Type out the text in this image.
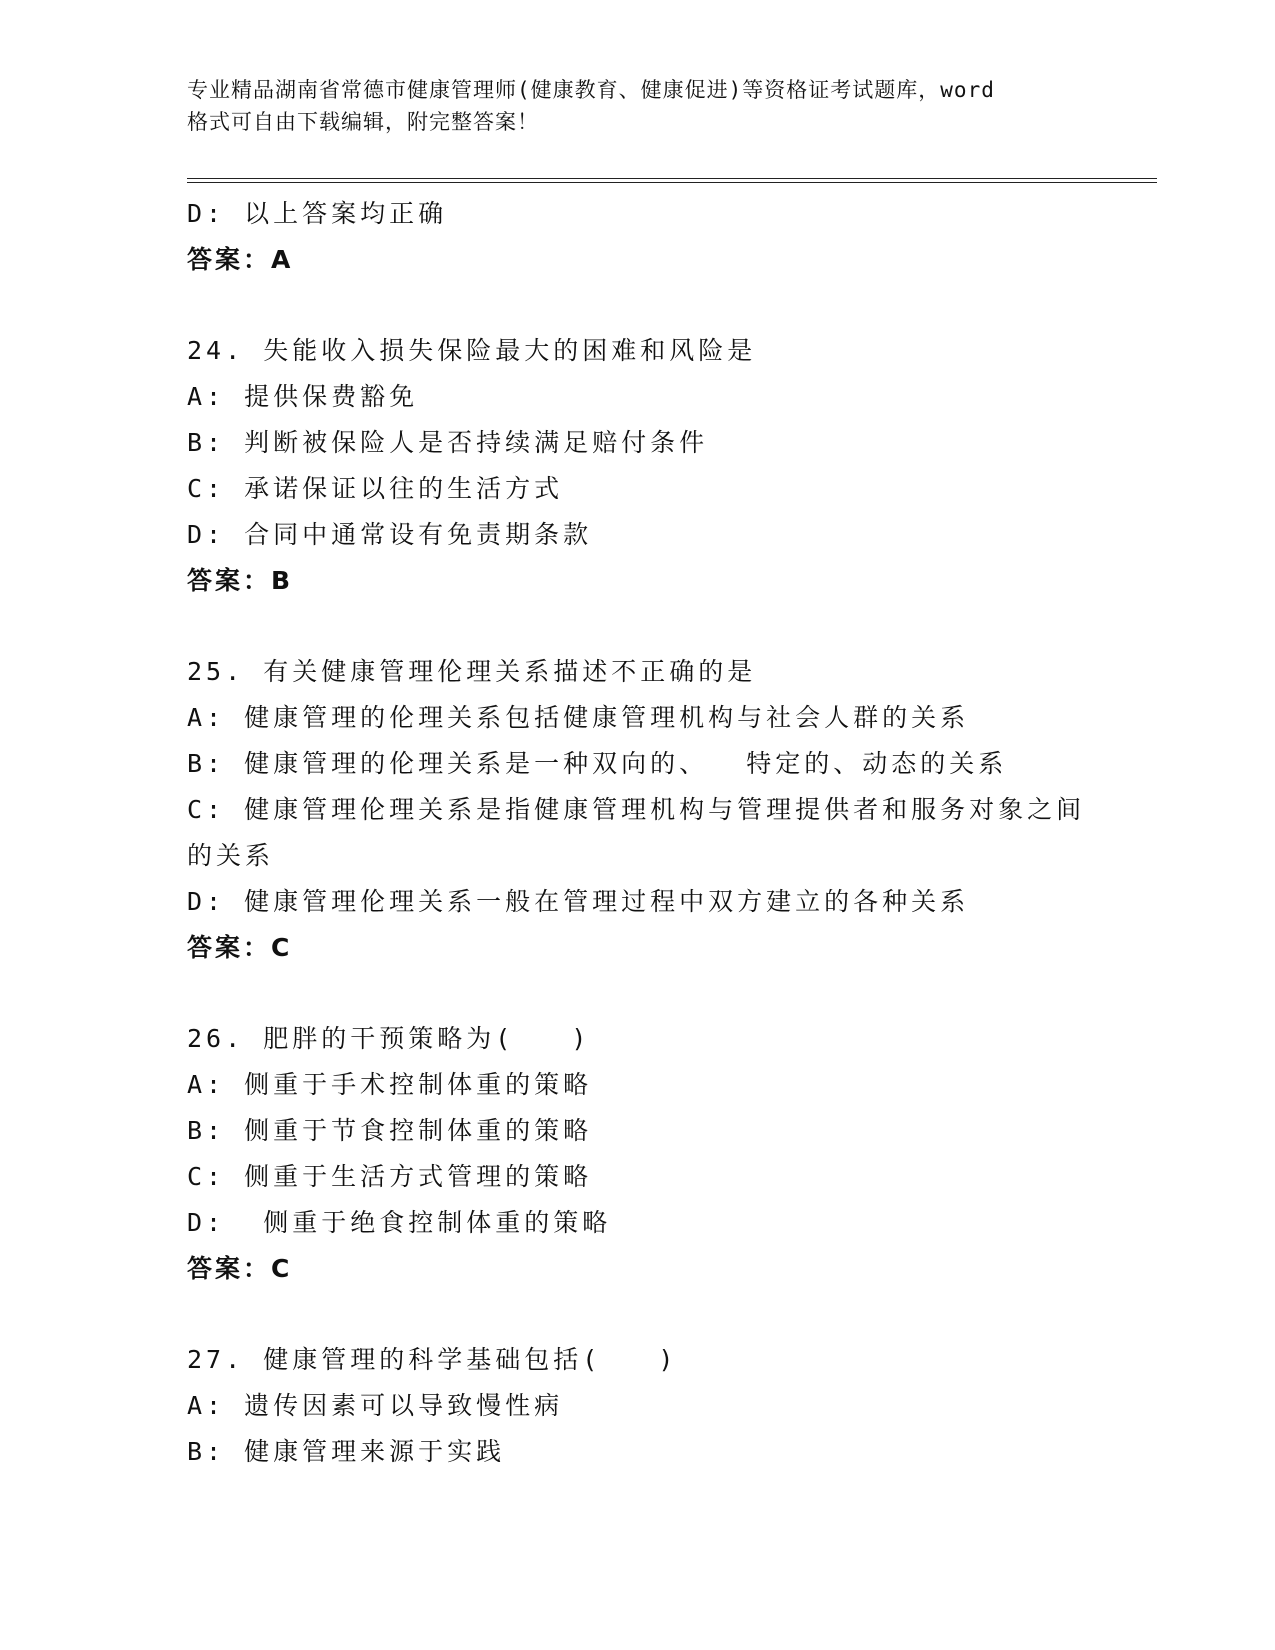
专业精品湖南省常德市健康管理师(健康教育、健康促进)等资格证考试题库，word
格式可自由下载编辑，附完整答案！
D: 以上答案均正确
答案：A
24. 失能收入损失保险最大的困难和风险是
A: 提供保费豁免
B: 判断被保险人是否持续满足赔付条件
C: 承诺保证以往的生活方式
D: 合同中通常设有免责期条款
答案：B
25. 有关健康管理伦理关系描述不正确的是
A: 健康管理的伦理关系包括健康管理机构与社会人群的关系
B: 健康管理的伦理关系是一种双向的、  特定的、动态的关系
C: 健康管理伦理关系是指健康管理机构与管理提供者和服务对象之间
的关系
D: 健康管理伦理关系一般在管理过程中双方建立的各种关系
答案：C
26. 肥胖的干预策略为(   )
A: 侧重于手术控制体重的策略
B: 侧重于节食控制体重的策略
C: 侧重于生活方式管理的策略
D:  侧重于绝食控制体重的策略
答案：C
27. 健康管理的科学基础包括(   )
A: 遗传因素可以导致慢性病
B: 健康管理来源于实践
